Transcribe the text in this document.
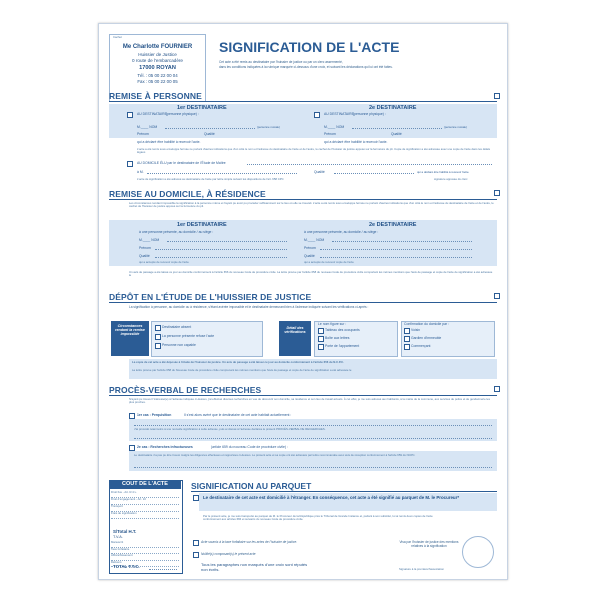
Cachet
Me Charlotte FOURNIER
Huissier de Justice
0 route de l'embarcadère
17000 ROYAN
Tél. : 05 00 22 00 04
Fax : 05 00 22 00 05
SIGNIFICATION DE L'ACTE
Cet acte a été remis au destinataire par l'huissier de justice ou par un clerc assermenté,
dans les conditions indiquées à la rubrique marquée ci-dessous d'une croix, et suivant les déclarations qui lui ont été faites.
REMISE À PERSONNE
1er DESTINATAIRE	2e DESTINATAIRE
AU DESTINATAIRE (personne physique) :	AU DESTINATAIRE (personne physique) :
M.____ NOM	(personne morale)	M.____ NOM	(personne morale)
Prénom	Qualité	Prénom	Qualité
qui a déclaré être habilité à recevoir l'acte.	qui a déclaré être habilité à recevoir l'acte.
L'acte a été remis sous enveloppe fermée ne portant d'autres indications que d'un côté le nom et l'adresse du destinataire de l'acte et de l'autre, le cachet de l'huissier de justice apposé sur la fermeture du pli. Copie de signification a été adressée avec une copie de l'acte dans les délais légaux.
AU DOMICILE ÉLU par le destinataire de l'Étude de Maître
à M.	Qualité	qui a déclaré être habilité à recevoir l'acte.
L'acte de signification a été adressé au destinataire de l'acte par lettre simple suivant les dispositions de l'art. 658 CPC	signature apposée du clerc
REMISE AU DOMICILE, À RÉSIDENCE
Les circonstances rendant impossible la signification à la personne même et l'ayant pu avoir pu procéder suffisamment sur le lieu où elle se trouvait. L'acte a été remis sous enveloppe fermée ne portant d'autres indications que d'un côté le nom et l'adresse du destinataire de l'acte et de l'autre, le cachet de l'huissier de justice apposé sur la fermeture du pli.
1er DESTINATAIRE	2e DESTINATAIRE
à une personne présente, au domicile / au siège :	à une personne présente, au domicile / au siège :
M.____ NOM	M.____ NOM
Prénom	Prénom
Qualité	Qualité
qui a accepté de recevoir copie de l'acte	qui a accepté de recevoir copie de l'acte
Un avis de passage a été laissé ce jour au domicile conformément à l'article 656 du nouveau Code de procédure civile. La lettre prévue par l'article 658 du nouveau Code de procédure civile comportant les mêmes mentions que l'avis de passage et copie de l'acte de signification a été adressée le
DÉPÔT EN L'ÉTUDE DE L'HUISSIER DE JUSTICE
La signification à personne, au domicile ou à résidence, s'étant avérée impossible et le destinataire demeurant bien à l'adresse indiquée suivant les vérifications ci-après :
Circonstances rendant la remise impossible
Destinataire absent
La personne présente refuse l'acte
Personne non capable
Détail des vérifications
Le nom figure sur :
Tableau des occupants
Boîte aux lettres
Porte de l'appartement
Confirmation du domicile par :
Voisin
Gardien d'immeuble
Commerçant
La copie de cet acte a été déposée à l'étude de l'huissier de justice. Un avis de passage a été laissé ce jour au domicile conformément à l'article 656 du N.C.P.C.
La lettre prévue par l'article 658 du Nouveau Code de procédure civile comprenant les mêmes mentions que l'avis de passage et copie de l'acte de signification a été adressée le
PROCÈS-VERBAL DE RECHERCHES
N'ayant pu trouver l'intéressé(e) à l'adresse indiquée ci-dessus, j'ai effectué diverses recherches en vue de découvrir son domicile, sa résidence et son lieu de travail actuels. À cet effet, je me suis adressé aux habitants, à la mairie de la commune, aux services de police et de gendarmerie les plus proches.
1er cas : Perquisition	Il s'est alors avéré que le destinataire de cet acte habitait actuellement :
J'ai procédé néanmoins à une nouvelle signification à cette adresse, puis ai dressé à l'adresse déclarée le présent PROCÈS-VERBAL DE RECHERCHES.
2e cas : Recherches infructueuses	(article 659 du nouveau Code de procédure civile) :
Le destinataire n'a pas pu être trouvé malgré les diligences effectuées et rapportées ci-dessus. Le présent acte et sa copie ont été adressés par lettre recommandée avec avis de réception conformément à l'article 659 du NCPC.
COUT DE L'ACTE
Droit fixe - Art. R.4 L.
Droit d'engagement - Art. 10
Transport
Frais de signification
Manuscrit
Taxe forfaitaire
Affranchissement
Débours
S/Total H.T.
T.V.A.
TOTAL T.T.C.
SIGNIFICATION AU PARQUET
Le destinataire de cet acte est domicilié à l'étranger. En conséquence, cet acte a été signifié au parquet de M. le Procureur*
Par le présent acte, je me suis transporté au parquet de M. le Procureur de la République près le Tribunal de Grande Instance et, parlant à son substitut, lui ai remis deux copies de l'acte conformément aux articles 684 et suivants du nouveau Code de procédure civile.
Acte soumis à la taxe forfaitaire sur les actes de l'huissier de justice.
Nullité(s) composant(s) le présent acte
Tous les paragraphes non marqués d'une croix sont réputés non écrits.
Visa par l'huissier de justice des mentions relatives à la signification
Signature à la première/l'association
